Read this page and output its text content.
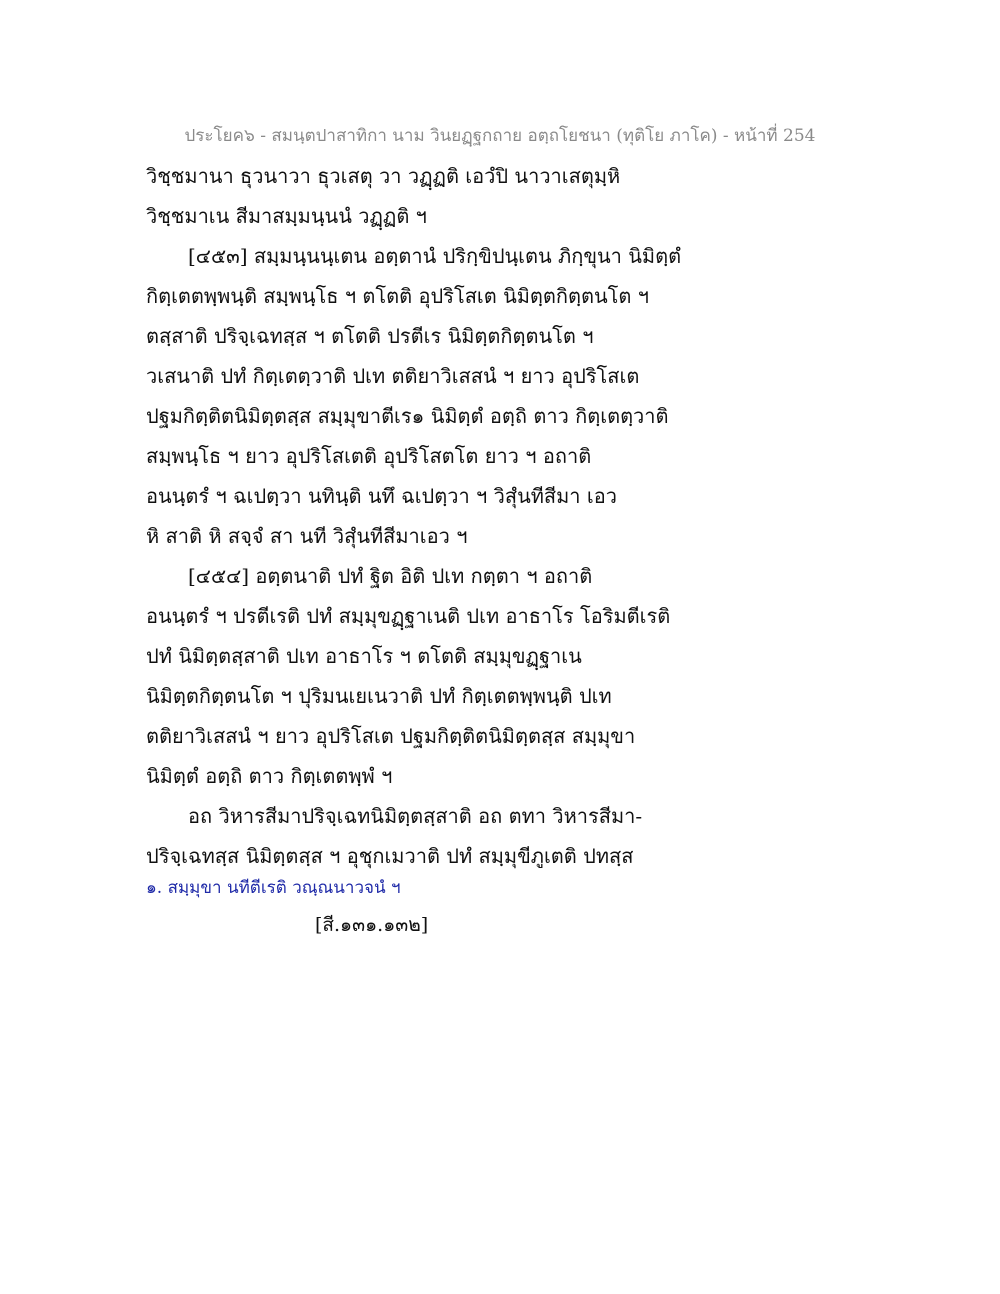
ประโยค๖ - สมนฺตปาสาทิกา นาม วินยฏฺฐกถาย อตฺถโยชนา (ทุติโย ภาโค) - หน้าที่ 254
วิชฺชมานา ธุวนาวา ธุวเสตุ วา วฏฺฏติ เอวํปิ นาวาเสตุมฺหิ
วิชฺชมาเน สีมาสมฺมนฺนนํ วฏฺฏติ ฯ
[๔๕๓] สมฺมนฺนนฺเตน อตฺตานํ ปริกฺขิปนฺเตน ภิกฺขุนา นิมิตฺตํ
กิตฺเตตพฺพนฺติ สมฺพนฺโธ ฯ ตโตติ อุปริโสเต นิมิตฺตกิตฺตนโต ฯ
ตสฺสาติ ปริจฺเฉทสฺส ฯ ตโตติ ปรตีเร นิมิตฺตกิตฺตนโต ฯ
วเสนาติ ปทํ กิตฺเตตฺวาติ ปเท ตติยาวิเสสนํ ฯ ยาว อุปริโสเต
ปฐมกิตฺติตนิมิตฺตสฺส สมฺมุขาตีเร๑ นิมิตฺตํ อตฺถิ ตาว กิตฺเตตฺวาติ
สมฺพนฺโธ ฯ ยาว อุปริโสเตติ อุปริโสตโต ยาว ฯ อถาติ
อนนฺตรํ ฯ ฉเปตฺวา นทินฺติ นทึ ฉเปตฺวา ฯ วิสุํนทีสีมา เอว
หิ สาติ หิ สจฺจํ สา นที วิสุํนทีสีมาเอว ฯ
[๔๕๔] อตฺตนาติ ปทํ ฐิต อิติ ปเท กตฺตา ฯ อถาติ
อนนฺตรํ ฯ ปรตีเรติ ปทํ สมฺมุขฏฺฐาเนติ ปเท อาธาโร โอริมตีเรติ
ปทํ นิมิตฺตสฺสาติ ปเท อาธาโร ฯ ตโตติ สมฺมุขฏฺฐาเน
นิมิตฺตกิตฺตนโต ฯ ปุริมนเยเนวาติ ปทํ กิตฺเตตพฺพนฺติ ปเท
ตติยาวิเสสนํ ฯ ยาว อุปริโสเต ปฐมกิตฺติตนิมิตฺตสฺส สมฺมุขา
นิมิตฺตํ อตฺถิ ตาว กิตฺเตตพฺพํ ฯ
อถ วิหารสีมาปริจฺเฉทนิมิตฺตสฺสาติ อถ ตทา วิหารสีมา-
ปริจฺเฉทสฺส นิมิตฺตสฺส ฯ อุชุกเมวาติ ปทํ สมฺมุขีภูเตติ ปทสฺส
๑. สมฺมุขา นทีตีเรติ วณฺณนาวจนํ ฯ
[สี.๑๓๑.๑๓๒]
